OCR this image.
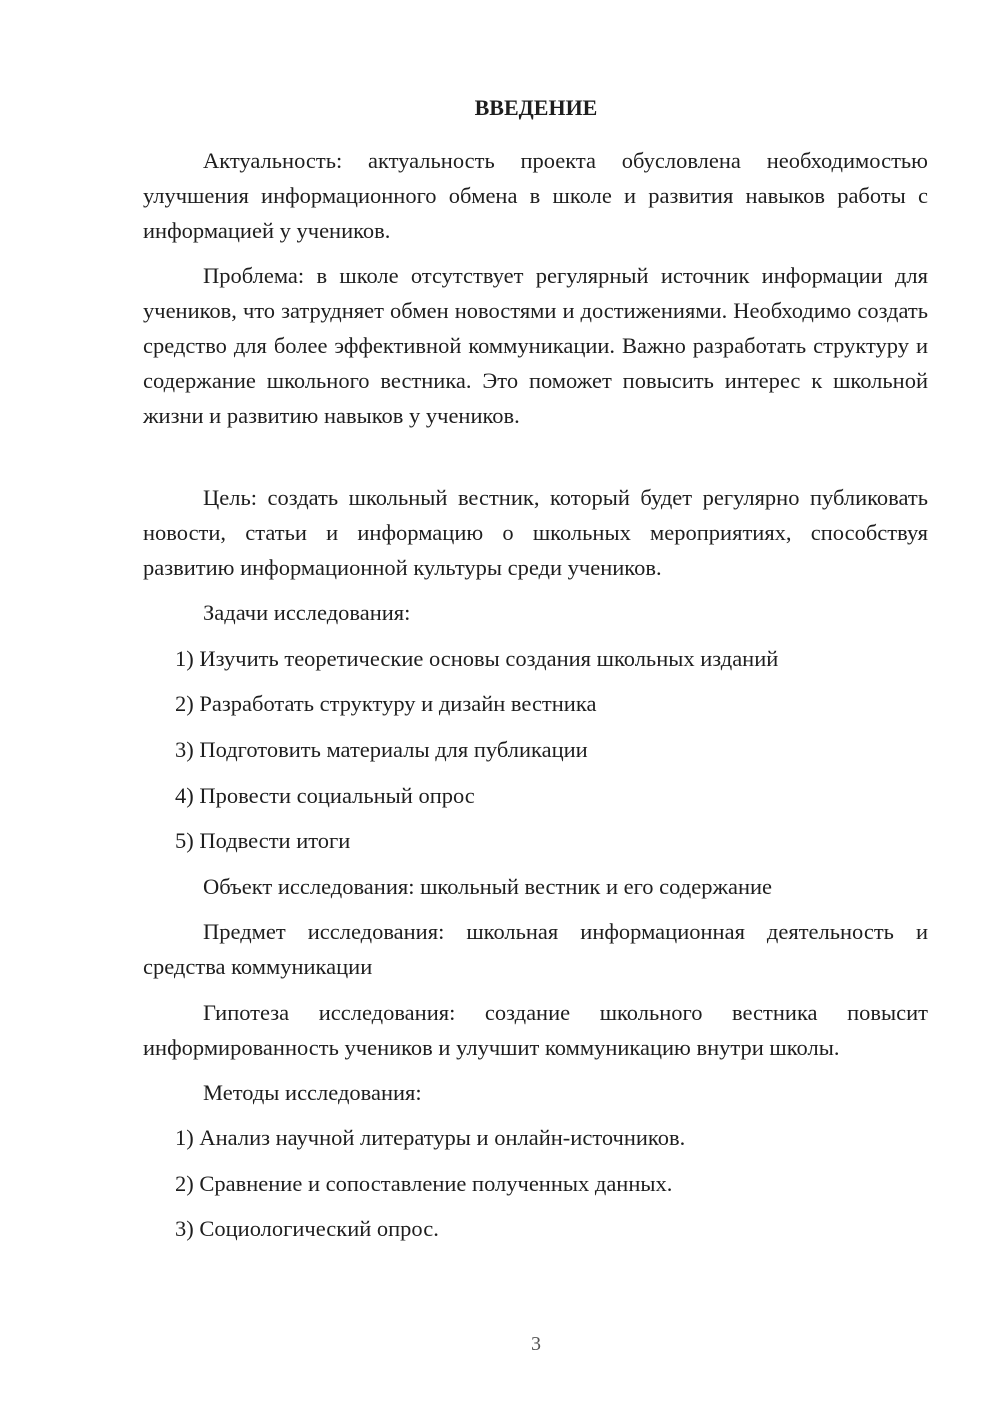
ВВЕДЕНИЕ

Актуальность: актуальность проекта обусловлена необходимостью улучшения информационного обмена в школе и развития навыков работы с информацией у учеников.

Проблема: в школе отсутствует регулярный источник информации для учеников, что затрудняет обмен новостями и достижениями. Необходимо создать средство для более эффективной коммуникации. Важно разработать структуру и содержание школьного вестника. Это поможет повысить интерес к школьной жизни и развитию навыков у учеников.

Цель: создать школьный вестник, который будет регулярно публиковать новости, статьи и информацию о школьных мероприятиях, способствуя развитию информационной культуры среди учеников.

Задачи исследования:

1) Изучить теоретические основы создания школьных изданий

2) Разработать структуру и дизайн вестника

3) Подготовить материалы для публикации

4) Провести социальный опрос

5) Подвести итоги

Объект исследования: школьный вестник и его содержание

Предмет исследования: школьная информационная деятельность и средства коммуникации

Гипотеза исследования: создание школьного вестника повысит информированность учеников и улучшит коммуникацию внутри школы.

Методы исследования:

1) Анализ научной литературы и онлайн-источников.

2) Сравнение и сопоставление полученных данных.

3) Социологический опрос.

3
